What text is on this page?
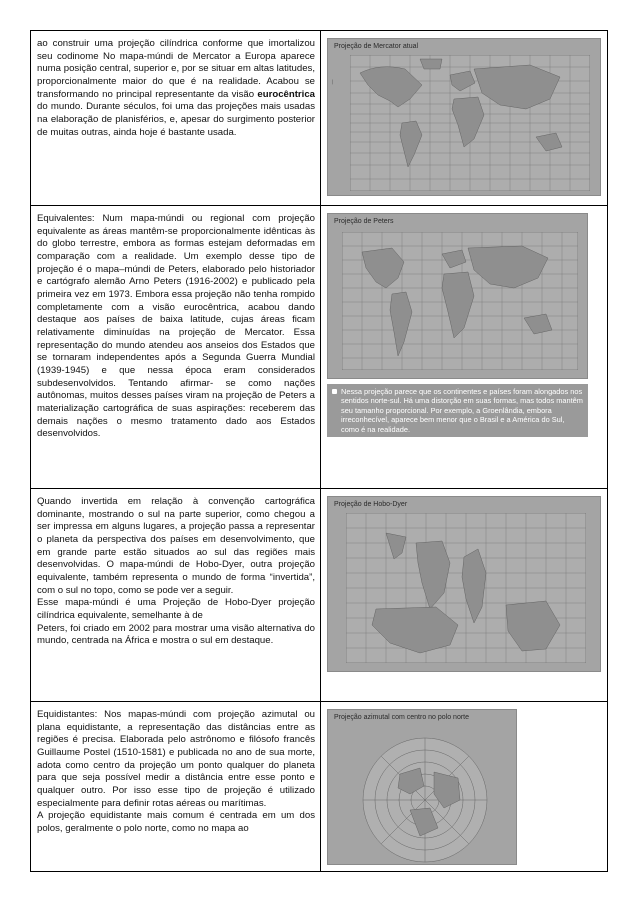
ao construir uma projeção cilíndrica conforme que imortalizou seu codinome No mapa-múndi de Mercator a Europa aparece numa posição central, superior e, por se situar em altas latitudes, proporcionalmente maior do que é na realidade. Acabou se transformando no principal representante da visão eurocêntrica do mundo. Durante séculos, foi uma das projeções mais usadas na elaboração de planisférios, e, apesar do surgimento posterior de muitas outras, ainda hoje é bastante usada.

Projeção de Mercator atual
│

Equivalentes: Num mapa-múndi ou regional com projeção equivalente as áreas mantêm-se proporcionalmente idênticas às do globo terrestre, embora as formas estejam deformadas em comparação com a realidade. Um exemplo desse tipo de projeção é o mapa–múndi de Peters, elaborado pelo historiador e cartógrafo alemão Arno Peters (1916-2002) e publicado pela primeira vez em 1973. Embora essa projeção não tenha rompido completamente com a visão eurocêntrica, acabou dando destaque aos países de baixa latitude, cujas áreas ficam relativamente diminuídas na projeção de Mercator. Essa representação do mundo atendeu aos anseios dos Estados que se tornaram independentes após a Segunda Guerra Mundial (1939-1945) e que nessa época eram considerados subdesenvolvidos. Tentando afirmar- se como nações autônomas, muitos desses países viram na projeção de Peters a materialização cartográfica de suas aspirações: receberem das demais nações o mesmo tratamento dado aos Estados desenvolvidos.

Projeção de Peters
Nessa projeção parece que os continentes e países foram alongados nos sentidos norte-sul. Há uma distorção em suas formas, mas todos mantêm seu tamanho proporcional. Por exemplo, a Groenlândia, embora irreconhecível, aparece bem menor que o Brasil e a América do Sul, como é na realidade.

Quando invertida em relação à convenção cartográfica dominante, mostrando o sul na parte superior, como chegou a ser impressa em alguns lugares, a projeção passa a representar o planeta da perspectiva dos países em desenvolvimento, que em grande parte estão situados ao sul das regiões mais desenvolvidas. O mapa-múndi de Hobo-Dyer, outra projeção equivalente, também representa o mundo de forma “invertida”, com o sul no topo, como se pode ver a seguir.

Esse mapa-múndi é uma Projeção de Hobo-Dyer projeção cilíndrica equivalente, semelhante à de

Peters, foi criado em 2002 para mostrar uma visão alternativa do mundo, centrada na África e mostra o sul em destaque.

Projeção de Hobo-Dyer

Equidistantes: Nos mapas-múndi com projeção azimutal ou plana equidistante, a representação das distâncias entre as regiões é precisa. Elaborada pelo astrônomo e filósofo francês Guillaume Postel (1510-1581) e publicada no ano de sua morte, adota como centro da projeção um ponto qualquer do planeta para que seja possível medir a distância entre esse ponto e qualquer outro. Por isso esse tipo de projeção é utilizado especialmente para definir rotas aéreas ou marítimas.

A projeção equidistante mais comum é centrada em um dos polos, geralmente o polo norte, como no mapa ao

Projeção azimutal com centro no polo norte
